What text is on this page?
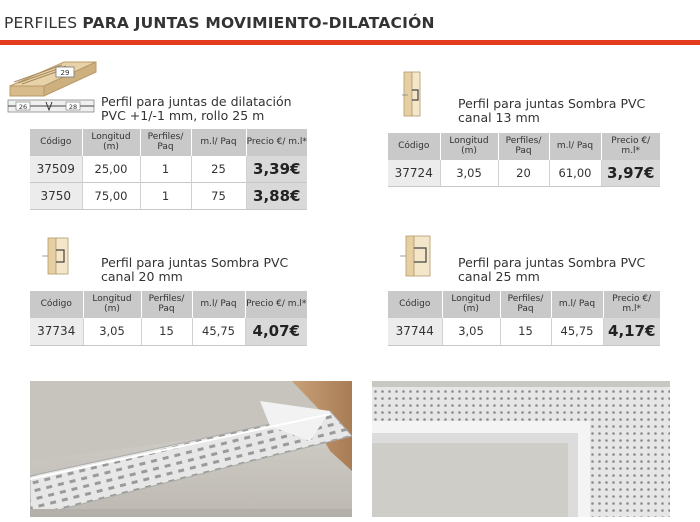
PERFILES PARA JUNTAS MOVIMIENTO-DILATACIÓN
29
26	28 Perfil para juntas de dilatación
PVC +1/-1 mm, rollo 25 m
Código	Longitud (m)	Perfiles/ Paq	m.l/ Paq	Precio €/ m.l*
37509	25,00	1	25	3,39€
3750	75,00	1	75	3,88€
Perfil para juntas Sombra PVC
canal 13 mm
Código	Longitud (m)	Perfiles/ Paq	m.l/ Paq	Precio €/ m.l*
37724	3,05	20	61,00	3,97€
Perfil para juntas Sombra PVC
canal 20 mm
Código	Longitud (m)	Perfiles/ Paq	m.l/ Paq	Precio €/ m.l*
37734	3,05	15	45,75	4,07€
Perfil para juntas Sombra PVC
canal 25 mm
Código	Longitud (m)	Perfiles/ Paq	m.l/ Paq	Precio €/ m.l*
37744	3,05	15	45,75	4,17€
